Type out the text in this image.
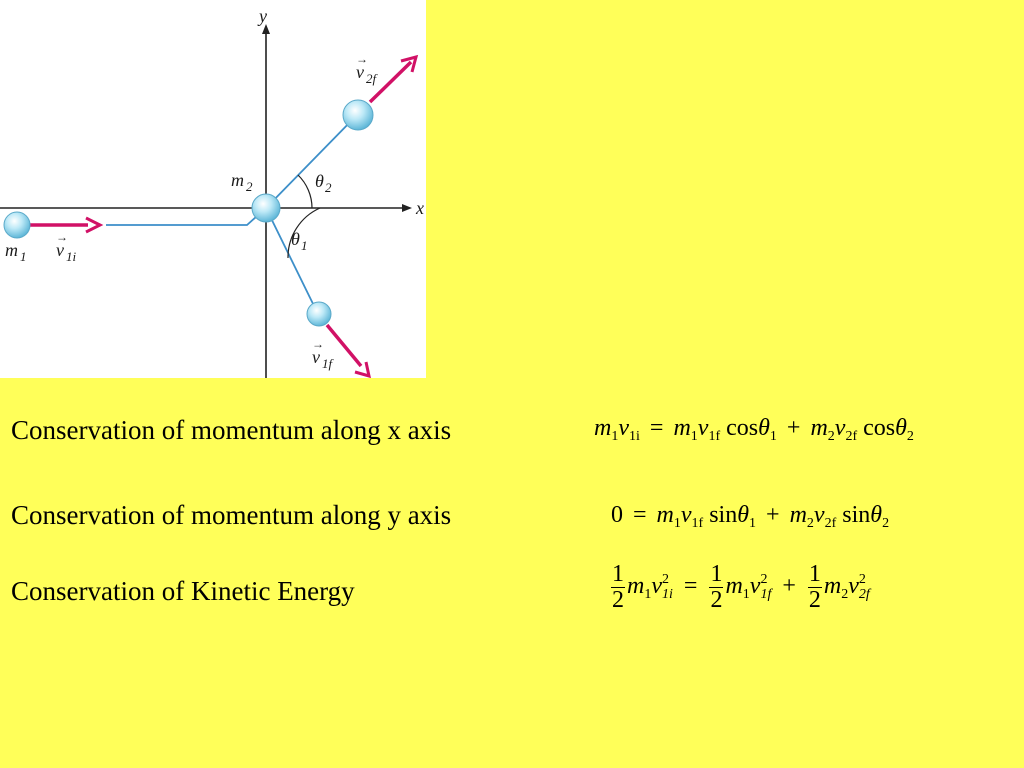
y
x
m 2
m 1
→
v 1i
→
v 2f
→
v 1f
θ 2
θ 1
Conservation of momentum along x axis
Conservation of momentum along y axis
Conservation of Kinetic Energy
$m_1v_{1i} = m_1v_{1f}$ $\cos\theta_1 + m_2v_{2f}$ cosθ$_2$
$0 = m_1v_{1f}$ $\sin\theta_1 + m_2v_{2f}$ sinθ$_2$
$\frac{1}{2} m_1v$ 2
$1i = \frac{1}{2} m_1v$ 2
$1f + \frac{1}{2} m_2v$ 2
2f
